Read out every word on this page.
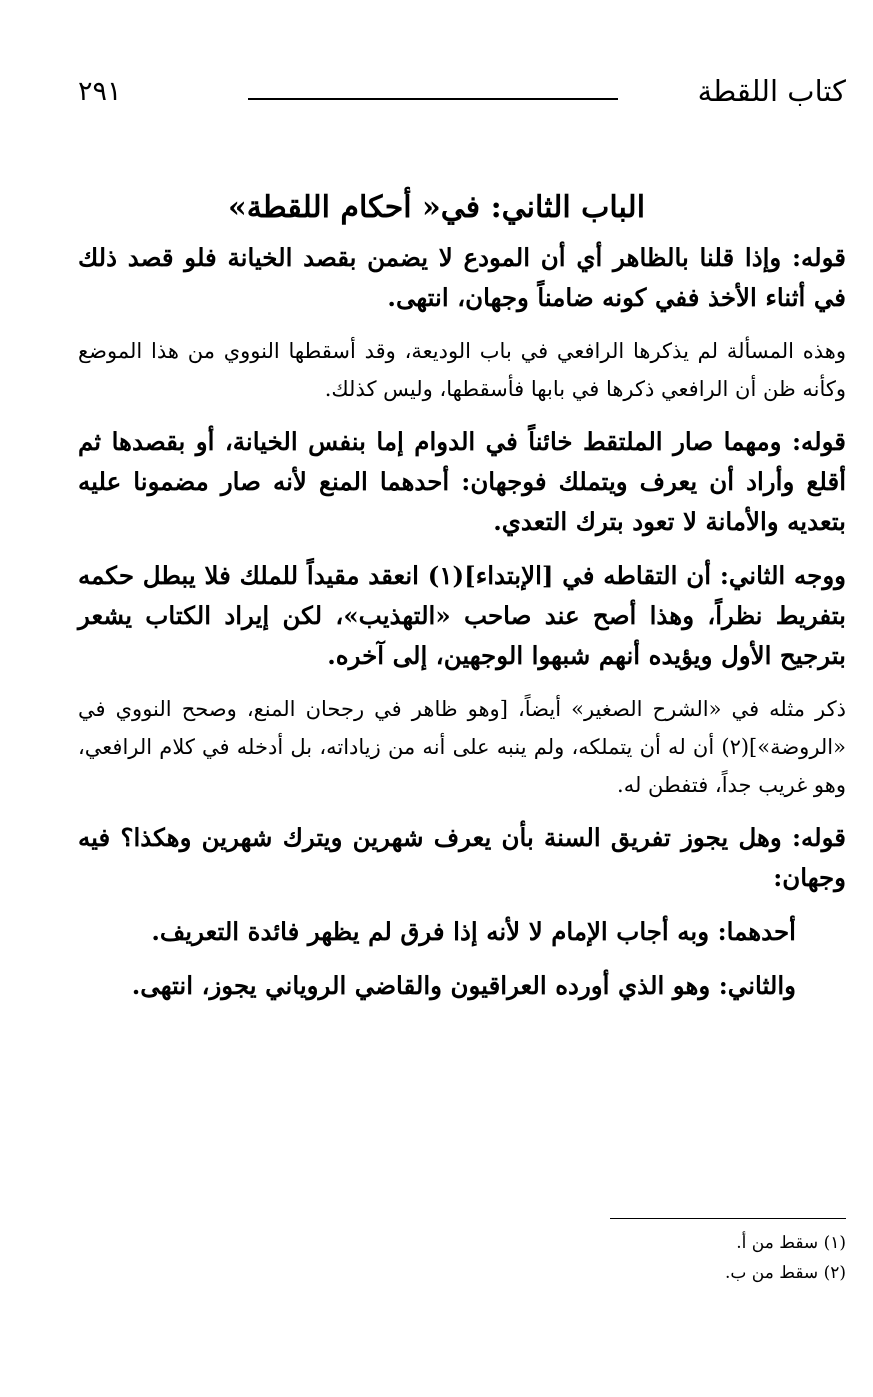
كتاب اللقطة
٢٩١
الباب الثاني: في« أحكام اللقطة»

قوله: وإذا قلنا بالظاهر أي أن المودع لا يضمن بقصد الخيانة فلو قصد ذلك في أثناء الأخذ ففي كونه ضامناً وجهان، انتهى.

وهذه المسألة لم يذكرها الرافعي في باب الوديعة، وقد أسقطها النووي من هذا الموضع وكأنه ظن أن الرافعي ذكرها في بابها فأسقطها، وليس كذلك.

قوله: ومهما صار الملتقط خائناً في الدوام إما بنفس الخيانة، أو بقصدها ثم أقلع وأراد أن يعرف ويتملك فوجهان: أحدهما المنع لأنه صار مضمونا عليه بتعديه والأمانة لا تعود بترك التعدي.

ووجه الثاني: أن التقاطه في [الإبتداء](١) انعقد مقيداً للملك فلا يبطل حكمه بتفريط نظراً، وهذا أصح عند صاحب «التهذيب»، لكن إيراد الكتاب يشعر بترجيح الأول ويؤيده أنهم شبهوا الوجهين، إلى آخره.

ذكر مثله في «الشرح الصغير» أيضاً، [وهو ظاهر في رجحان المنع، وصحح النووي في «الروضة»](٢) أن له أن يتملكه، ولم ينبه على أنه من زياداته، بل أدخله في كلام الرافعي، وهو غريب جداً، فتفطن له.

قوله: وهل يجوز تفريق السنة بأن يعرف شهرين ويترك شهرين وهكذا؟ فيه وجهان:

أحدهما: وبه أجاب الإمام لا لأنه إذا فرق لم يظهر فائدة التعريف.

والثاني: وهو الذي أورده العراقيون والقاضي الروياني يجوز، انتهى.

(١) سقط من أ.

(٢) سقط من ب.
